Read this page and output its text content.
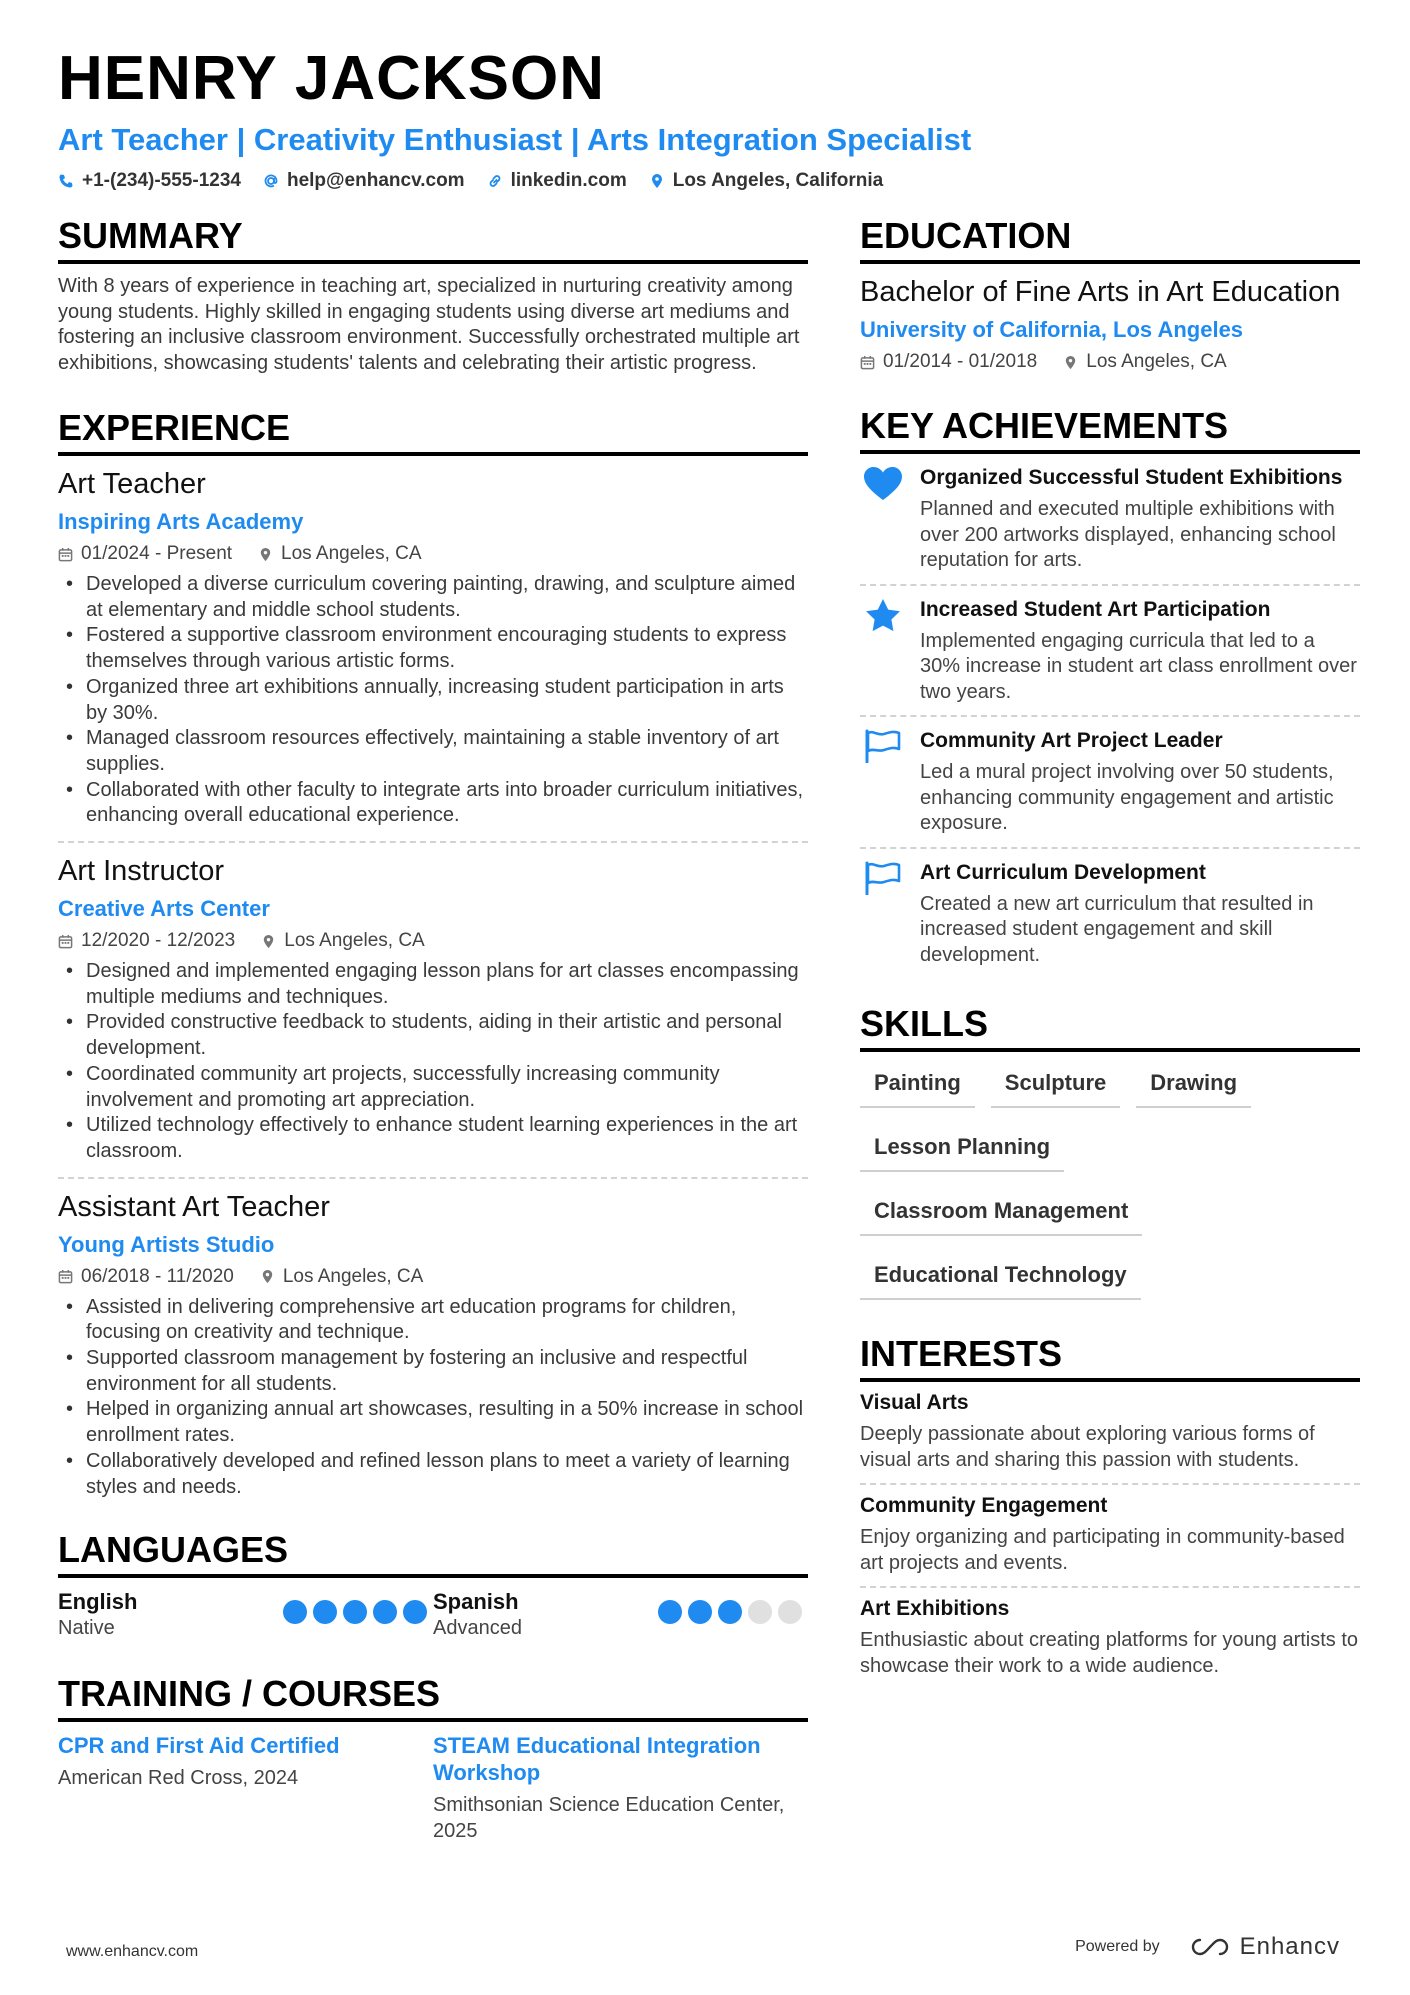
HENRY JACKSON
Art Teacher | Creativity Enthusiast | Arts Integration Specialist
+1-(234)-555-1234 help@enhancv.com linkedin.com Los Angeles, California
SUMMARY

With 8 years of experience in teaching art, specialized in nurturing creativity among young students. Highly skilled in engaging students using diverse art mediums and fostering an inclusive classroom environment. Successfully orchestrated multiple art exhibitions, showcasing students' talents and celebrating their artistic progress.

EXPERIENCE
Art Teacher
Inspiring Arts Academy
01/2024 - Present	Los Angeles, CA
• Developed a diverse curriculum covering painting, drawing, and sculpture aimed at elementary and middle school students.
• Fostered a supportive classroom environment encouraging students to express themselves through various artistic forms.
• Organized three art exhibitions annually, increasing student participation in arts by 30%.
• Managed classroom resources effectively, maintaining a stable inventory of art supplies.
• Collaborated with other faculty to integrate arts into broader curriculum initiatives, enhancing overall educational experience.
Art Instructor
Creative Arts Center
12/2020 - 12/2023	Los Angeles, CA
• Designed and implemented engaging lesson plans for art classes encompassing multiple mediums and techniques.
• Provided constructive feedback to students, aiding in their artistic and personal development.
• Coordinated community art projects, successfully increasing community involvement and promoting art appreciation.
• Utilized technology effectively to enhance student learning experiences in the art classroom.
Assistant Art Teacher
Young Artists Studio
06/2018 - 11/2020	Los Angeles, CA
• Assisted in delivering comprehensive art education programs for children, focusing on creativity and technique.
• Supported classroom management by fostering an inclusive and respectful environment for all students.
• Helped in organizing annual art showcases, resulting in a 50% increase in school enrollment rates.
• Collaboratively developed and refined lesson plans to meet a variety of learning styles and needs.
LANGUAGES
English
Native
Spanish
Advanced
TRAINING / COURSES
CPR and First Aid Certified
American Red Cross, 2024
STEAM Educational Integration Workshop
Smithsonian Science Education Center, 2025
EDUCATION
Bachelor of Fine Arts in Art Education
University of California, Los Angeles
01/2014 - 01/2018	Los Angeles, CA
KEY ACHIEVEMENTS
Organized Successful Student Exhibitions
Planned and executed multiple exhibitions with over 200 artworks displayed, enhancing school reputation for arts.
Increased Student Art Participation
Implemented engaging curricula that led to a 30% increase in student art class enrollment over two years.
Community Art Project Leader
Led a mural project involving over 50 students, enhancing community engagement and artistic exposure.
Art Curriculum Development
Created a new art curriculum that resulted in increased student engagement and skill development.
SKILLS
Painting	Sculpture	Drawing
Lesson Planning
Classroom Management
Educational Technology
INTERESTS
Visual Arts
Deeply passionate about exploring various forms of visual arts and sharing this passion with students.
Community Engagement
Enjoy organizing and participating in community-based art projects and events.
Art Exhibitions
Enthusiastic about creating platforms for young artists to showcase their work to a wide audience.
www.enhancv.com	Powered by	Enhancv
